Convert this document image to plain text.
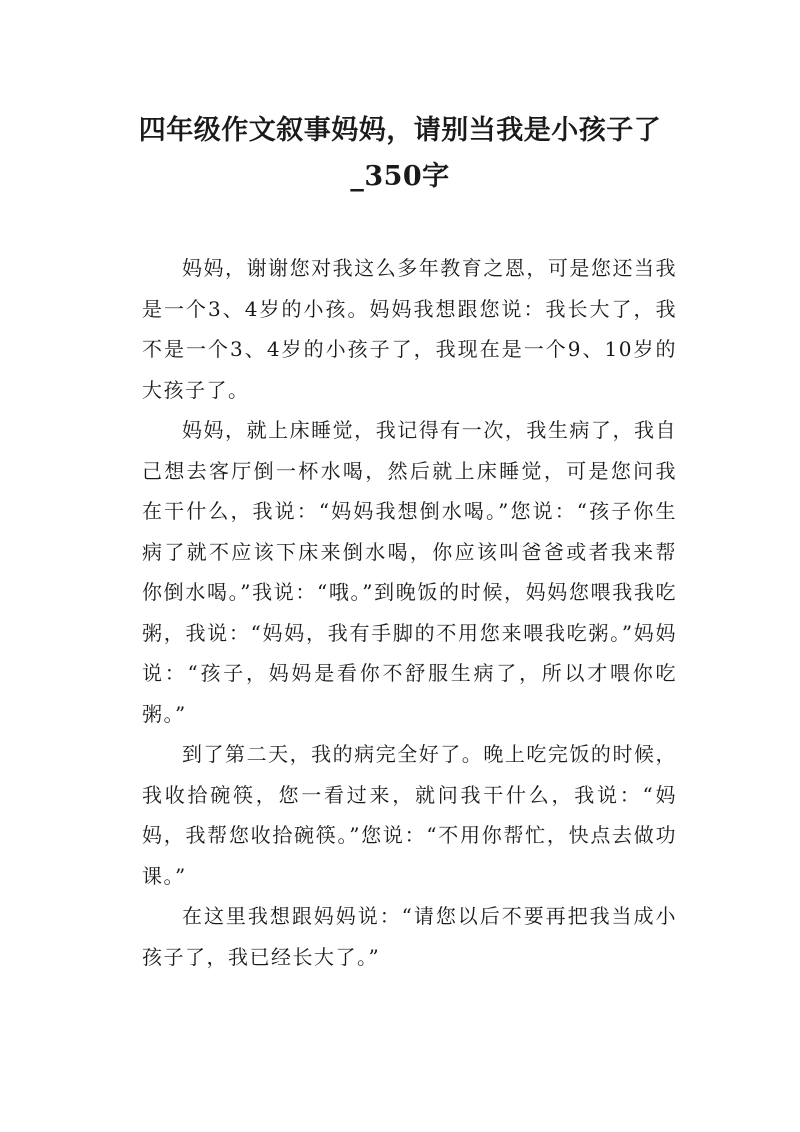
四年级作文叙事妈妈，请别当我是小孩子了_350字

妈妈，谢谢您对我这么多年教育之恩，可是您还当我是一个3、4岁的小孩。妈妈我想跟您说：我长大了，我不是一个3、4岁的小孩子了，我现在是一个9、10岁的大孩子了。

妈妈，就上床睡觉，我记得有一次，我生病了，我自己想去客厅倒一杯水喝，然后就上床睡觉，可是您问我在干什么，我说：“妈妈我想倒水喝。”您说：“孩子你生病了就不应该下床来倒水喝，你应该叫爸爸或者我来帮你倒水喝。”我说：“哦。”到晚饭的时候，妈妈您喂我我吃粥，我说：“妈妈，我有手脚的不用您来喂我吃粥。”妈妈说：“孩子，妈妈是看你不舒服生病了，所以才喂你吃粥。”

到了第二天，我的病完全好了。晚上吃完饭的时候，我收拾碗筷，您一看过来，就问我干什么，我说：“妈妈，我帮您收拾碗筷。”您说：“不用你帮忙，快点去做功课。”

在这里我想跟妈妈说：“请您以后不要再把我当成小孩子了，我已经长大了。”
